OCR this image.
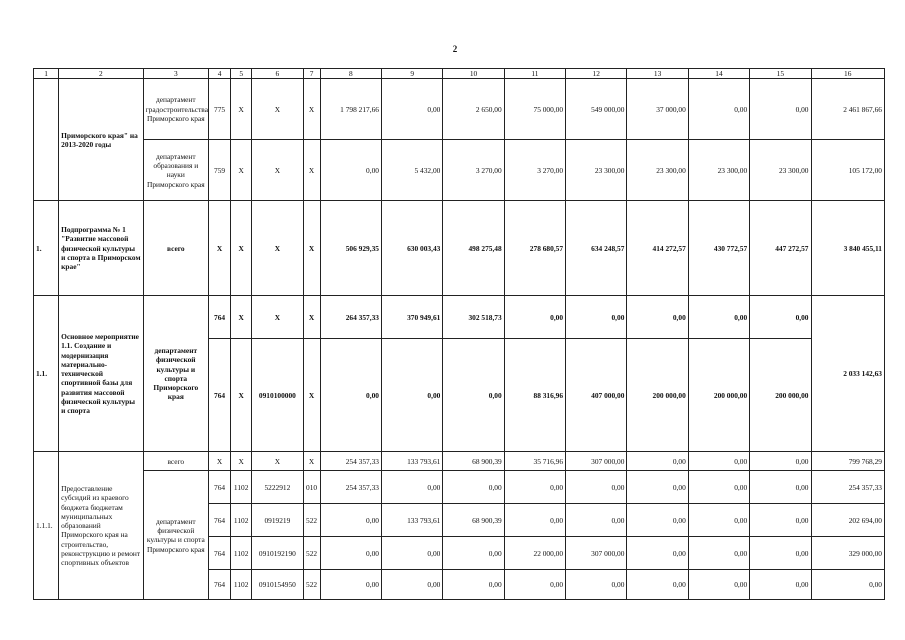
2
1	2	3	4	5	6	7	8	9	10	11	12	13	14	15	16
	Приморского края" на 2013-2020 годы	департамент градостроительства Приморского края	775	Х	Х	Х	1 798 217,66	0,00	2 650,00	75 000,00	549 000,00	37 000,00	0,00	0,00	2 461 867,66
		департамент образования и науки Приморского края	759	Х	Х	Х	0,00	5 432,00	3 270,00	3 270,00	23 300,00	23 300,00	23 300,00	23 300,00	105 172,00
1.	Подпрограмма № 1 "Развитие массовой физической культуры и спорта в Приморском крае"	всего	Х	Х	Х	Х	506 929,35	630 003,43	498 275,48	278 680,57	634 248,57	414 272,57	430 772,57	447 272,57	3 840 455,11
1.1.	Основное мероприятие 1.1. Создание и модернизация материально-технической спортивной базы для развития массовой физической культуры и спорта	департамент физической культуры и спорта Приморского края	764	Х	Х	Х	264 357,33	370 949,61	302 518,73	0,00	0,00	0,00	0,00	0,00	2 033 142,63
			764	Х	0910100000	Х	0,00	0,00	0,00	88 316,96	407 000,00	200 000,00	200 000,00	200 000,00	
1.1.1.	Предоставление субсидий из краевого бюджета бюджетам муниципальных образований Приморского края на строительство, реконструкцию и ремонт спортивных объектов	всего	Х	Х	Х	Х	254 357,33	133 793,61	68 900,39	35 716,96	307 000,00	0,00	0,00	0,00	799 768,29
		департамент физической культуры и спорта Приморского края	764	1102	5222912	010	254 357,33	0,00	0,00	0,00	0,00	0,00	0,00	0,00	254 357,33
			764	1102	0919219	522	0,00	133 793,61	68 900,39	0,00	0,00	0,00	0,00	0,00	202 694,00
			764	1102	0910192190	522	0,00	0,00	0,00	22 000,00	307 000,00	0,00	0,00	0,00	329 000,00
			764	1102	0910154950	522	0,00	0,00	0,00	0,00	0,00	0,00	0,00	0,00	0,00
